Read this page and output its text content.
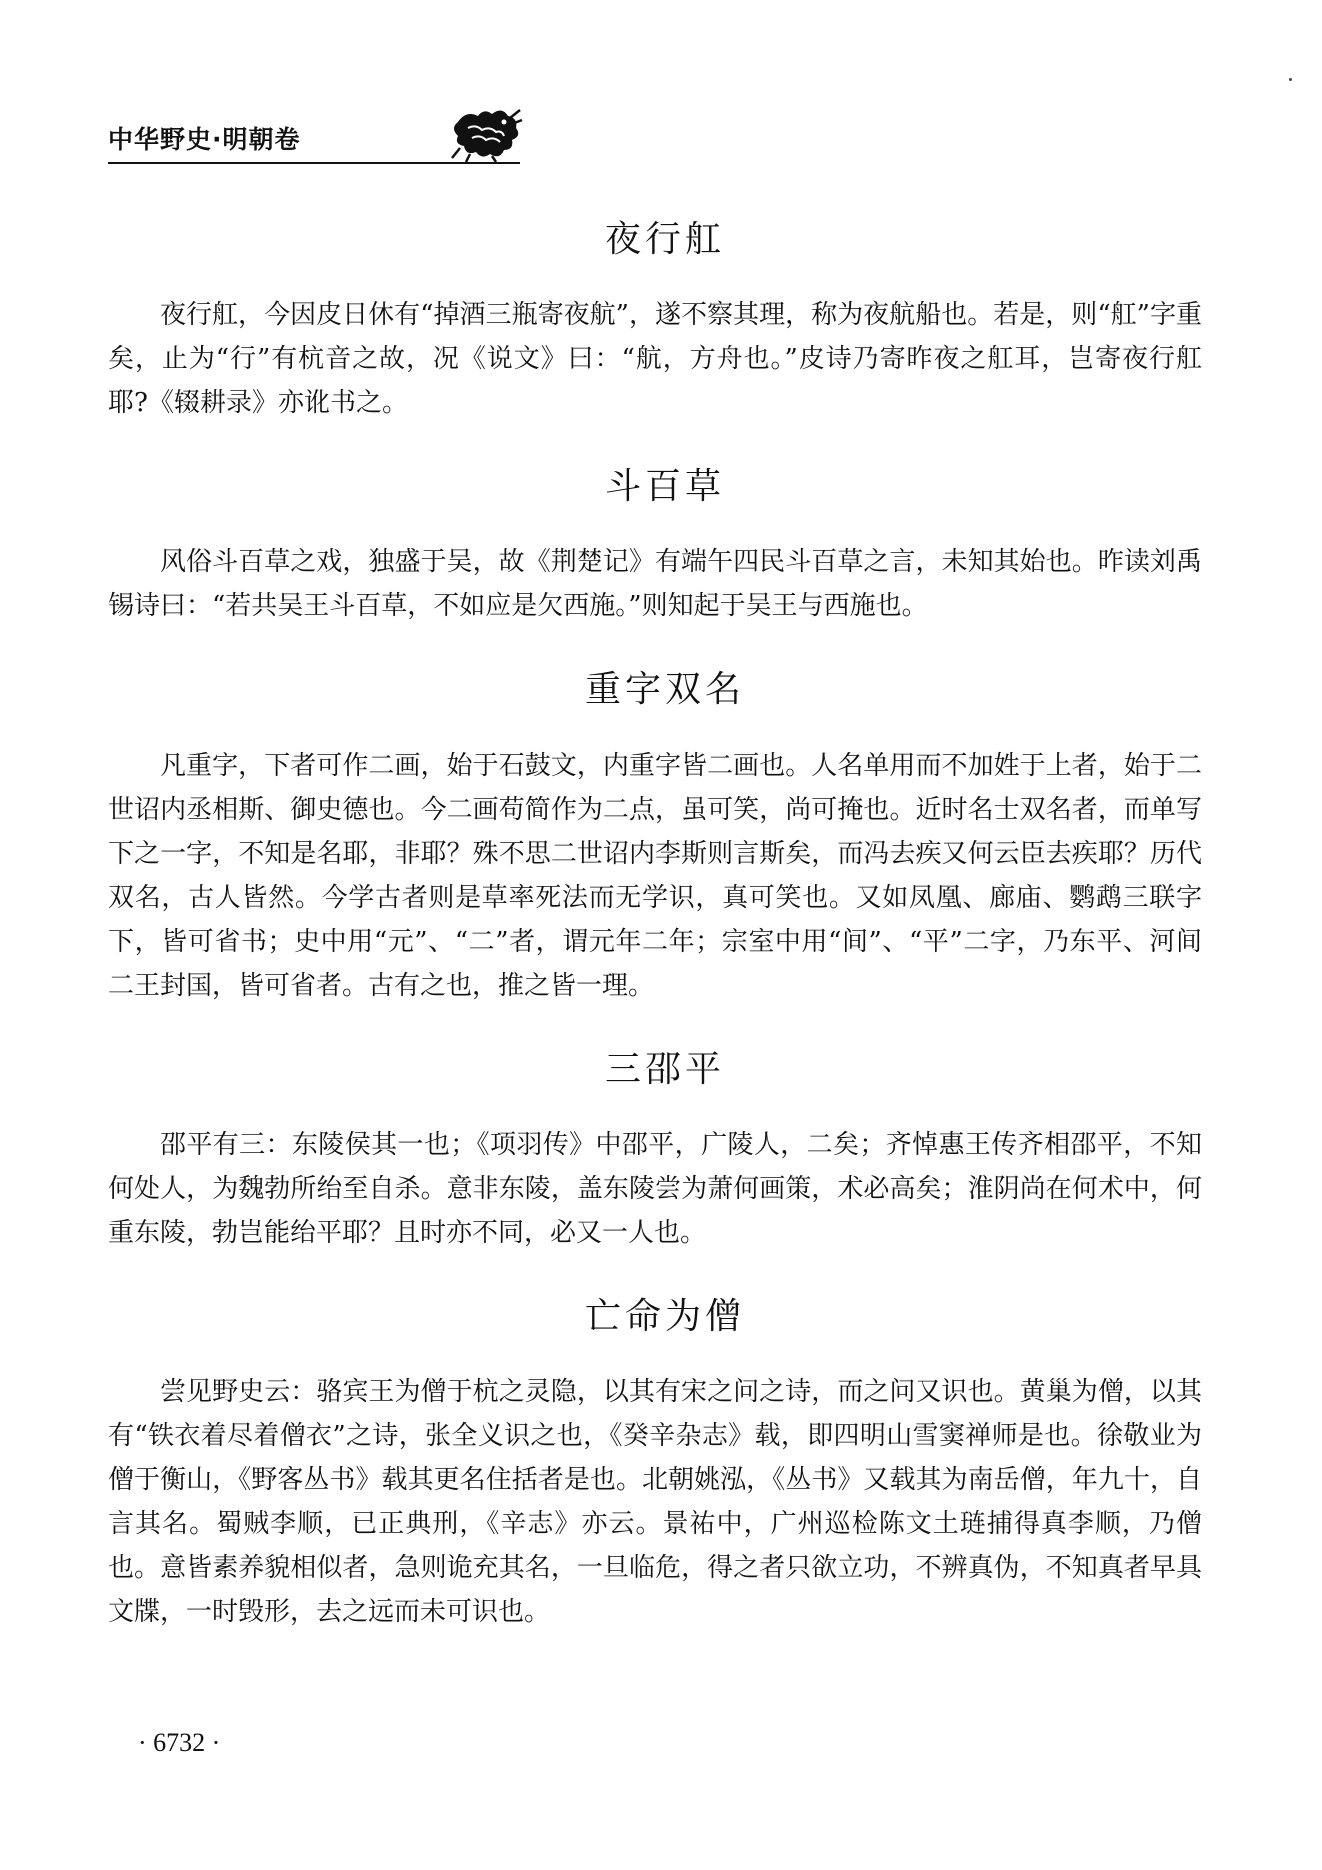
中华野史·明朝卷
夜行舡

夜行舡，今因皮日休有“掉酒三瓶寄夜航”，遂不察其理，称为夜航船也。若是，则“舡”字重矣，止为“行”有杭音之故，况《说文》曰：“航，方舟也。”皮诗乃寄昨夜之舡耳，岂寄夜行舡耶?《辍耕录》亦讹书之。

斗百草

风俗斗百草之戏，独盛于吴，故《荆楚记》有端午四民斗百草之言，未知其始也。昨读刘禹锡诗曰：“若共吴王斗百草，不如应是欠西施。”则知起于吴王与西施也。

重字双名

凡重字，下者可作二画，始于石鼓文，内重字皆二画也。人名单用而不加姓于上者，始于二世诏内丞相斯、御史德也。今二画苟简作为二点，虽可笑，尚可掩也。近时名士双名者，而单写下之一字，不知是名耶，非耶？殊不思二世诏内李斯则言斯矣，而冯去疾又何云臣去疾耶？历代双名，古人皆然。今学古者则是草率死法而无学识，真可笑也。又如凤凰、廊庙、鹦鹉三联字下，皆可省书；史中用“元”、“二”者，谓元年二年；宗室中用“间”、“平”二字，乃东平、河间二王封国，皆可省者。古有之也，推之皆一理。

三邵平

邵平有三：东陵侯其一也；《项羽传》中邵平，广陵人，二矣；齐悼惠王传齐相邵平，不知何处人，为魏勃所绐至自杀。意非东陵，盖东陵尝为萧何画策，术必高矣；淮阴尚在何术中，何重东陵，勃岂能绐平耶？且时亦不同，必又一人也。

亡命为僧

尝见野史云：骆宾王为僧于杭之灵隐，以其有宋之问之诗，而之问又识也。黄巢为僧，以其有“铁衣着尽着僧衣”之诗，张全义识之也，《癸辛杂志》载，即四明山雪窦禅师是也。徐敬业为僧于衡山，《野客丛书》载其更名住括者是也。北朝姚泓，《丛书》又载其为南岳僧，年九十，自言其名。蜀贼李顺，已正典刑，《辛志》亦云。景祐中，广州巡检陈文土琏捕得真李顺，乃僧也。意皆素养貌相似者，急则诡充其名，一旦临危，得之者只欲立功，不辨真伪，不知真者早具文牒，一时毁形，去之远而未可识也。

· 6732 ·
